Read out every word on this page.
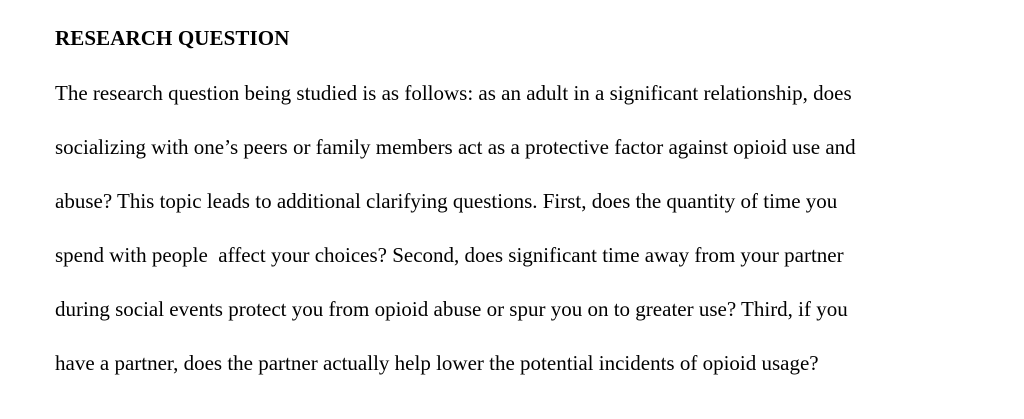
RESEARCH QUESTION

The research question being studied is as follows: as an adult in a significant relationship, does

socializing with one’s peers or family members act as a protective factor against opioid use and

abuse? This topic leads to additional clarifying questions. First, does the quantity of time you

spend with people  affect your choices? Second, does significant time away from your partner

during social events protect you from opioid abuse or spur you on to greater use? Third, if you

have a partner, does the partner actually help lower the potential incidents of opioid usage?
